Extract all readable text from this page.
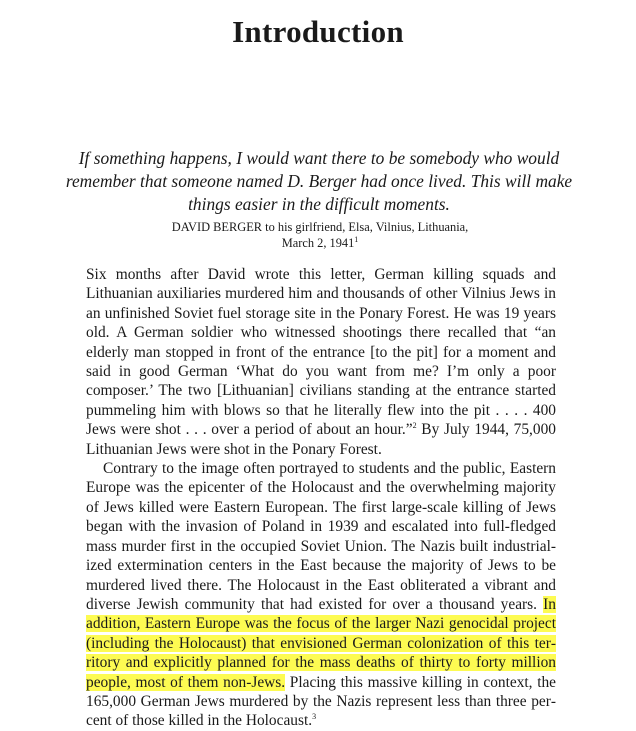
Introduction

If something happens, I would want there to be somebody who would remember that someone named D. Berger had once lived. This will make things easier in the difficult moments.

DAVID BERGER to his girlfriend, Elsa, Vilnius, Lithuania,
March 2, 1941$^1$

Six months after David wrote this letter, German killing squads and Lithuanian auxiliaries murdered him and thousands of other Vilnius Jews in an unfinished Soviet fuel storage site in the Ponary Forest. He was 19 years old. A German soldier who witnessed shootings there recalled that “an elderly man stopped in front of the entrance [to the pit] for a moment and said in good German ‘What do you want from me? I’m only a poor composer.’ The two [Lithuanian] civilians standing at the entrance started pummeling him with blows so that he literally flew into the pit . . . . 400 Jews were shot . . . over a period of about an hour.”$^2$ By July 1944, 75,000 Lithuanian Jews were shot in the Ponary Forest.

Contrary to the image often portrayed to students and the public, Eastern Europe was the epicenter of the Holocaust and the overwhelming majority of Jews killed were Eastern European. The first large-scale killing of Jews began with the invasion of Poland in 1939 and escalated into full-fledged mass murder first in the occupied Soviet Union. The Nazis built industrialized extermination centers in the East because the majority of Jews to be murdered lived there. The Holocaust in the East obliterated a vibrant and diverse Jewish community that had existed for over a thousand years. In addition, Eastern Europe was the focus of the larger Nazi genocidal project (including the Holocaust) that envisioned German colonization of this territory and explicitly planned for the mass deaths of thirty to forty million people, most of them non-Jews. Placing this massive killing in context, the 165,000 German Jews murdered by the Nazis represent less than three percent of those killed in the Holocaust.$^3$
